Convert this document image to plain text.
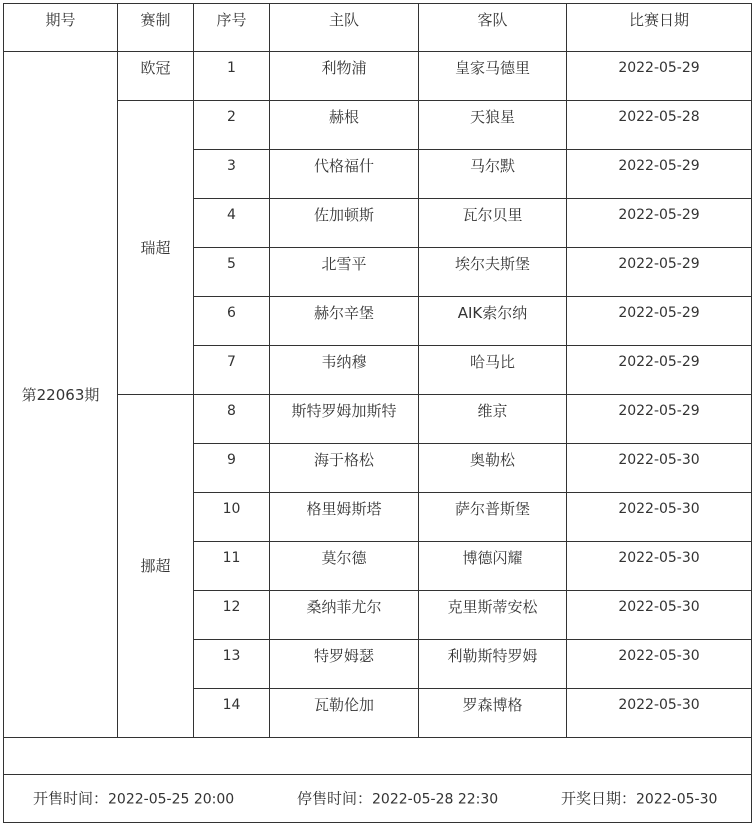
期号	赛制	序号	主队	客队	比赛日期
第22063期	欧冠	1	利物浦	皇家马德里	2022-05-29
	瑞超	2	赫根	天狼星	2022-05-28
		3	代格福什	马尔默	2022-05-29
		4	佐加顿斯	瓦尔贝里	2022-05-29
		5	北雪平	埃尔夫斯堡	2022-05-29
		6	赫尔辛堡	AIK索尔纳	2022-05-29
		7	韦纳穆	哈马比	2022-05-29
	挪超	8	斯特罗姆加斯特	维京	2022-05-29
		9	海于格松	奥勒松	2022-05-30
		10	格里姆斯塔	萨尔普斯堡	2022-05-30
		11	莫尔德	博德闪耀	2022-05-30
		12	桑纳菲尤尔	克里斯蒂安松	2022-05-30
		13	特罗姆瑟	利勒斯特罗姆	2022-05-30
		14	瓦勒伦加	罗森博格	2022-05-30

开售时间：2022-05-25 20:00 停售时间：2022-05-28 22:30 开奖日期：2022-05-30					
